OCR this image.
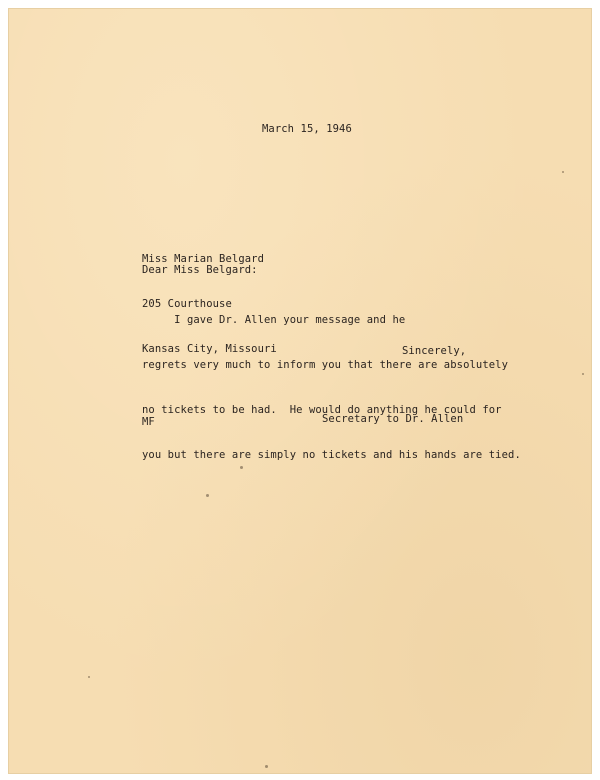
March 15, 1946

Miss Marian Belgard

205 Courthouse

Kansas City, Missouri

Dear Miss Belgard:

I gave Dr. Allen your message and he

regrets very much to inform you that there are absolutely

no tickets to be had.  He would do anything he could for

you but there are simply no tickets and his hands are tied.

Sincerely,
MF	Secretary to Dr. Allen
